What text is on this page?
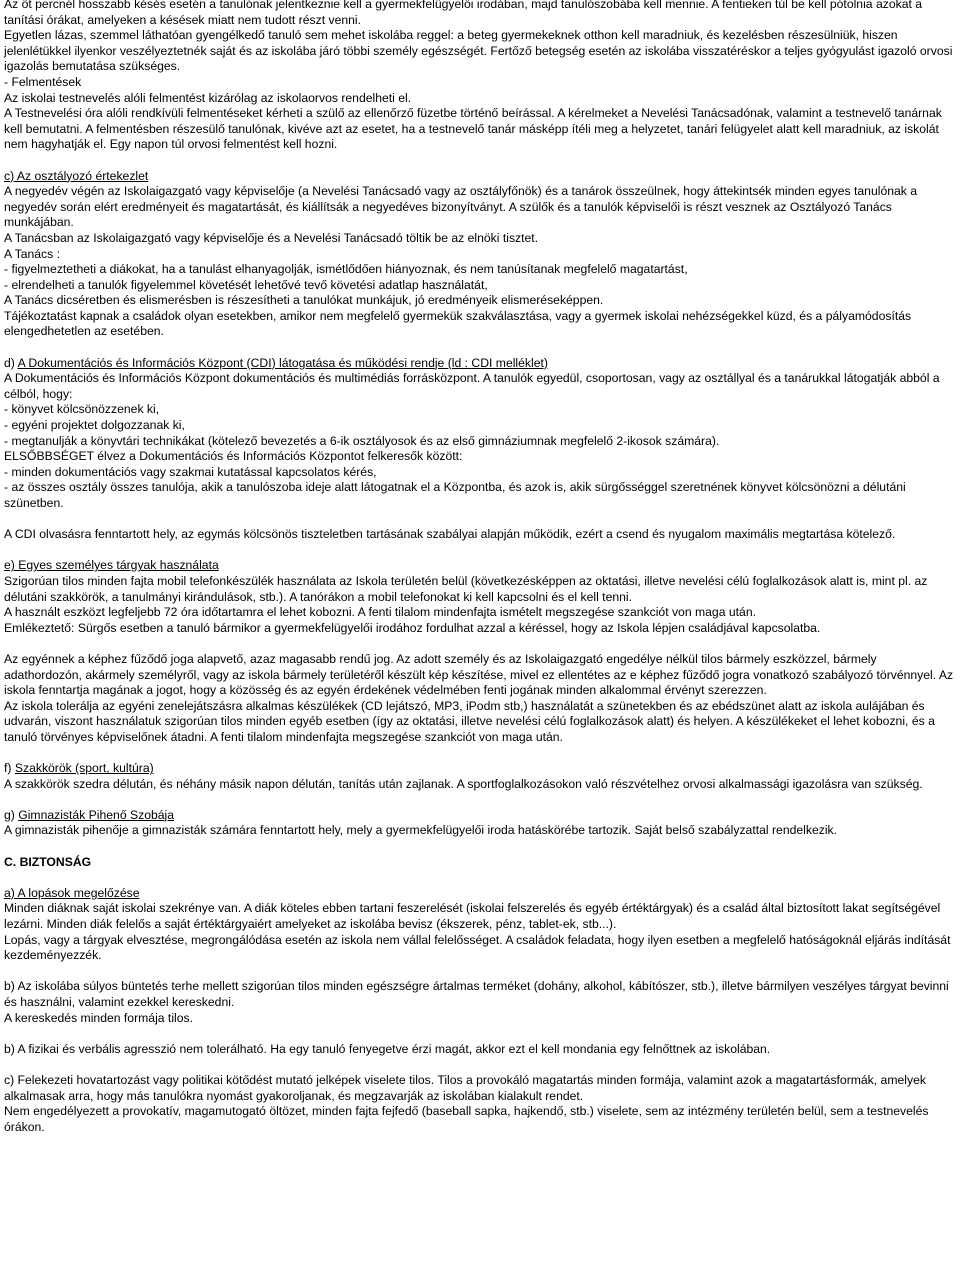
Az öt percnél hosszabb késés esetén a tanulónak jelentkeznie kell a gyermekfelügyelői irodában, majd tanulószobába kell mennie. A fentieken túl be kell pótolnia azokat a tanítási órákat, amelyeken a késések miatt nem tudott részt venni.

Egyetlen lázas, szemmel láthatóan gyengélkedő tanuló sem mehet iskolába reggel: a beteg gyermekeknek otthon kell maradniuk, és kezelésben részesülniük, hiszen jelenlétükkel ilyenkor veszélyeztetnék saját és az iskolába járó többi személy egészségét. Fertőző betegség esetén az iskolába visszatéréskor a teljes gyógyulást igazoló orvosi igazolás bemutatása szükséges.

- Felmentések

Az iskolai testnevelés alóli felmentést kizárólag az iskolaorvos rendelheti el.

A Testnevelési óra alóli rendkívüli felmentéseket kérheti a szülő az ellenőrző füzetbe történő beírással. A kérelmeket a Nevelési Tanácsadónak, valamint a testnevelő tanárnak kell bemutatni. A felmentésben részesülő tanulónak, kivéve azt az esetet, ha a testnevelő tanár másképp ítéli meg a helyzetet, tanári felügyelet alatt kell maradniuk, az iskolát nem hagyhatják el. Egy napon túl orvosi felmentést kell hozni.

c) Az osztályozó értekezlet

A negyedév végén az Iskolaigazgató vagy képviselője (a Nevelési Tanácsadó vagy az osztályfőnök) és a tanárok összeülnek, hogy áttekintsék minden egyes tanulónak a negyedév során elért eredményeit és magatartását, és kiállítsák a negyedéves bizonyítványt. A szülők és a tanulók képviselői is részt vesznek az Osztályozó Tanács munkájában.

A Tanácsban az Iskolaigazgató vagy képviselője és a Nevelési Tanácsadó töltik be az elnöki tisztet.

A Tanács :

- figyelmeztetheti a diákokat, ha a tanulást elhanyagolják, ismétlődően hiányoznak, és nem tanúsítanak megfelelő magatartást,

- elrendelheti a tanulók figyelemmel követését lehetővé tevő követési adatlap használatát,

A Tanács dicséretben és elismerésben is részesítheti a tanulókat munkájuk, jó eredményeik elismeréseképpen.

Tájékoztatást kapnak a családok olyan esetekben, amikor nem megfelelő gyermekük szakválasztása, vagy a gyermek iskolai nehézségekkel küzd, és a pályamódosítás elengedhetetlen az esetében.

d) A Dokumentációs és Információs Központ (CDI) látogatása és működési rendje (ld : CDI melléklet)

A Dokumentációs és Információs Központ dokumentációs és multimédiás forrásközpont. A tanulók egyedül, csoportosan, vagy az osztállyal és a tanárukkal látogatják abból a célból, hogy:

- könyvet kölcsönözzenek ki,

- egyéni projektet dolgozzanak ki,

- megtanulják a könyvtári technikákat (kötelező bevezetés a 6-ik osztályosok és az első gimnáziumnak megfelelő 2-ikosok számára).

ELSŐBBSÉGET élvez a Dokumentációs és Információs Központot felkeresők között:

- minden dokumentációs vagy szakmai kutatással kapcsolatos kérés,

- az összes osztály összes tanulója, akik a tanulószoba ideje alatt látogatnak el a Központba, és azok is, akik sürgősséggel szeretnének könyvet kölcsönözni a délutáni szünetben.

A CDI olvasásra fenntartott hely, az egymás kölcsönös tiszteletben tartásának szabályai alapján működik, ezért a csend és nyugalom maximális megtartása kötelező.

e) Egyes személyes tárgyak használata

Szigorúan tilos minden fajta mobil telefonkészülék használata az Iskola területén belül (következésképpen az oktatási, illetve nevelési célú foglalkozások alatt is, mint pl. az délutáni szakkörök, a tanulmányi kirándulások, stb.). A tanórákon a mobil telefonokat ki kell kapcsolni és el kell tenni.

A használt eszközt legfeljebb 72 óra időtartamra el lehet kobozni. A fenti tilalom mindenfajta ismételt megszegése szankciót von maga után.

Emlékeztető: Sürgős esetben a tanuló bármikor a gyermekfelügyelői irodához fordulhat azzal a kéréssel, hogy az Iskola lépjen családjával kapcsolatba.

Az egyénnek a képhez fűződő joga alapvető, azaz magasabb rendű jog. Az adott személy és az Iskolaigazgató engedélye nélkül tilos bármely eszközzel, bármely adathordozón, akármely személyről, vagy az iskola bármely területéről készült kép készítése, mivel ez ellentétes az e képhez fűződő jogra vonatkozó szabályozó törvénnyel. Az iskola fenntartja magának a jogot, hogy a közösség és az egyén érdekének védelmében fenti jogának minden alkalommal érvényt szerezzen.

Az iskola tolerálja az egyéni zenelejátszásra alkalmas készülékek (CD lejátszó, MP3, iPodm stb,) használatát a szünetekben és az ebédszünet alatt az iskola aulájában és udvarán, viszont használatuk szigorúan tilos minden egyéb esetben (így az oktatási, illetve nevelési célú foglalkozások alatt) és helyen. A készülékeket el lehet kobozni, és a tanuló törvényes képviselőnek átadni. A fenti tilalom mindenfajta megszegése szankciót von maga után.

f) Szakkörök (sport, kultúra)

A szakkörök szedra délután, és néhány másik napon délután, tanítás után zajlanak. A sportfoglalkozásokon való részvételhez orvosi alkalmassági igazolásra van szükség.

g) Gimnazisták Pihenő Szobája

A gimnazisták pihenője a gimnazisták számára fenntartott hely, mely a gyermekfelügyelői iroda hatáskörébe tartozik. Saját belső szabályzattal rendelkezik.

C. BIZTONSÁG

a) A lopások megelőzése

Minden diáknak saját iskolai szekrénye van. A diák köteles ebben tartani feszerelését (iskolai felszerelés és egyéb értéktárgyak) és a család által biztosított lakat segítségével lezárni. Minden diák felelős a saját értéktárgyaiért amelyeket az iskolába bevisz (ékszerek, pénz, tablet-ek, stb...).

Lopás, vagy a tárgyak elvesztése, megrongálódása esetén az iskola nem vállal felelősséget. A családok feladata, hogy ilyen esetben a megfelelő hatóságoknál eljárás indítását kezdeményezzék.

b) Az iskolába súlyos büntetés terhe mellett szigorúan tilos minden egészségre ártalmas terméket (dohány, alkohol, kábítószer, stb.), illetve bármilyen veszélyes tárgyat bevinni és használni, valamint ezekkel kereskedni.

A kereskedés minden formája tilos.

b) A fizikai és verbális agresszió nem tolerálható. Ha egy tanuló fenyegetve érzi magát, akkor ezt el kell mondania egy felnőttnek az iskolában.

c) Felekezeti hovatartozást vagy politikai kötődést mutató jelképek viselete tilos. Tilos a provokáló magatartás minden formája, valamint azok a magatartásformák, amelyek alkalmasak arra, hogy más tanulókra nyomást gyakoroljanak, és megzavarják az iskolában kialakult rendet.

Nem engedélyezett a provokatív, magamutogató öltözet, minden fajta fejfedő (baseball sapka, hajkendő, stb.) viselete, sem az intézmény területén belül, sem a testnevelés órákon.
